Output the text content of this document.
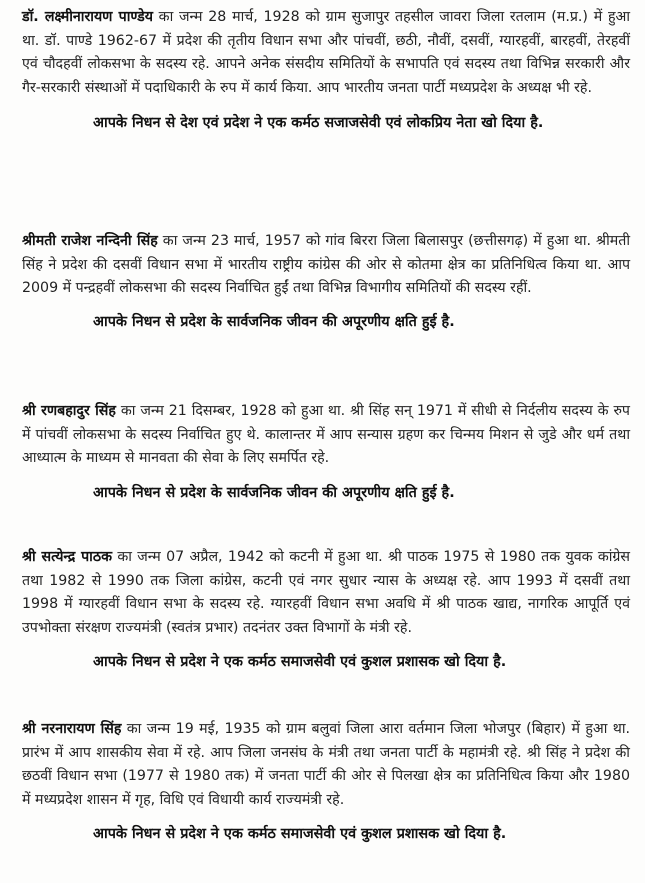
डॉ. लक्ष्मीनारायण पाण्डेय का जन्म 28 मार्च, 1928 को ग्राम सुजापुर तहसील जावरा जिला रतलाम (म.प्र.) में हुआ था. डॉ. पाण्डे 1962-67 में प्रदेश की तृतीय विधान सभा और पांचवीं, छठी, नौवीं, दसवीं, ग्यारहवीं, बारहवीं, तेरहवीं एवं चौदहवीं लोकसभा के सदस्य रहे. आपने अनेक संसदीय समितियों के सभापति एवं सदस्य तथा विभिन्न सरकारी और गैर-सरकारी संस्थाओं में पदाधिकारी के रुप में कार्य किया. आप भारतीय जनता पार्टी मध्यप्रदेश के अध्यक्ष भी रहे.

आपके निधन से देश एवं प्रदेश ने एक कर्मठ सजाजसेवी एवं लोकप्रिय नेता खो दिया है.

श्रीमती राजेश नन्दिनी सिंह का जन्म 23 मार्च, 1957 को गांव बिररा जिला बिलासपुर (छत्तीसगढ़) में हुआ था. श्रीमती सिंह ने प्रदेश की दसवीं विधान सभा में भारतीय राष्ट्रीय कांग्रेस की ओर से कोतमा क्षेत्र का प्रतिनिधित्व किया था. आप 2009 में पन्द्रहवीं लोकसभा की सदस्य निर्वाचित हुईं तथा विभिन्न विभागीय समितियों की सदस्य रहीं.

आपके निधन से प्रदेश के सार्वजनिक जीवन की अपूरणीय क्षति हुई है.

श्री रणबहादुर सिंह का जन्म 21 दिसम्बर, 1928 को हुआ था. श्री सिंह सन् 1971 में सीधी से निर्दलीय सदस्य के रुप में पांचवीं लोकसभा के सदस्य निर्वाचित हुए थे. कालान्तर में आप सन्यास ग्रहण कर चिन्मय मिशन से जुडे और धर्म तथा आध्यात्म के माध्यम से मानवता की सेवा के लिए समर्पित रहे.

आपके निधन से प्रदेश के सार्वजनिक जीवन की अपूरणीय क्षति हुई है.

श्री सत्येन्द्र पाठक का जन्म 07 अप्रैल, 1942 को कटनी में हुआ था. श्री पाठक 1975 से 1980 तक युवक कांग्रेस तथा 1982 से 1990 तक जिला कांग्रेस, कटनी एवं नगर सुधार न्यास के अध्यक्ष रहे. आप 1993 में दसवीं तथा 1998 में ग्यारहवीं विधान सभा के सदस्य रहे. ग्यारहवीं विधान सभा अवधि में श्री पाठक खाद्य, नागरिक आपूर्ति एवं उपभोक्ता संरक्षण राज्यमंत्री (स्वतंत्र प्रभार) तदनंतर उक्त विभागों के मंत्री रहे.

आपके निधन से प्रदेश ने एक कर्मठ समाजसेवी एवं कुशल प्रशासक खो दिया है.

श्री नरनारायण सिंह का जन्म 19 मई, 1935 को ग्राम बलुवां जिला आरा वर्तमान जिला भोजपुर (बिहार) में हुआ था. प्रारंभ में आप शासकीय सेवा में रहे. आप जिला जनसंघ के मंत्री तथा जनता पार्टी के महामंत्री रहे. श्री सिंह ने प्रदेश की छठवीं विधान सभा (1977 से 1980 तक) में जनता पार्टी की ओर से पिलखा क्षेत्र का प्रतिनिधित्व किया और 1980 में मध्यप्रदेश शासन में गृह, विधि एवं विधायी कार्य राज्यमंत्री रहे.

आपके निधन से प्रदेश ने एक कर्मठ समाजसेवी एवं कुशल प्रशासक खो दिया है.
